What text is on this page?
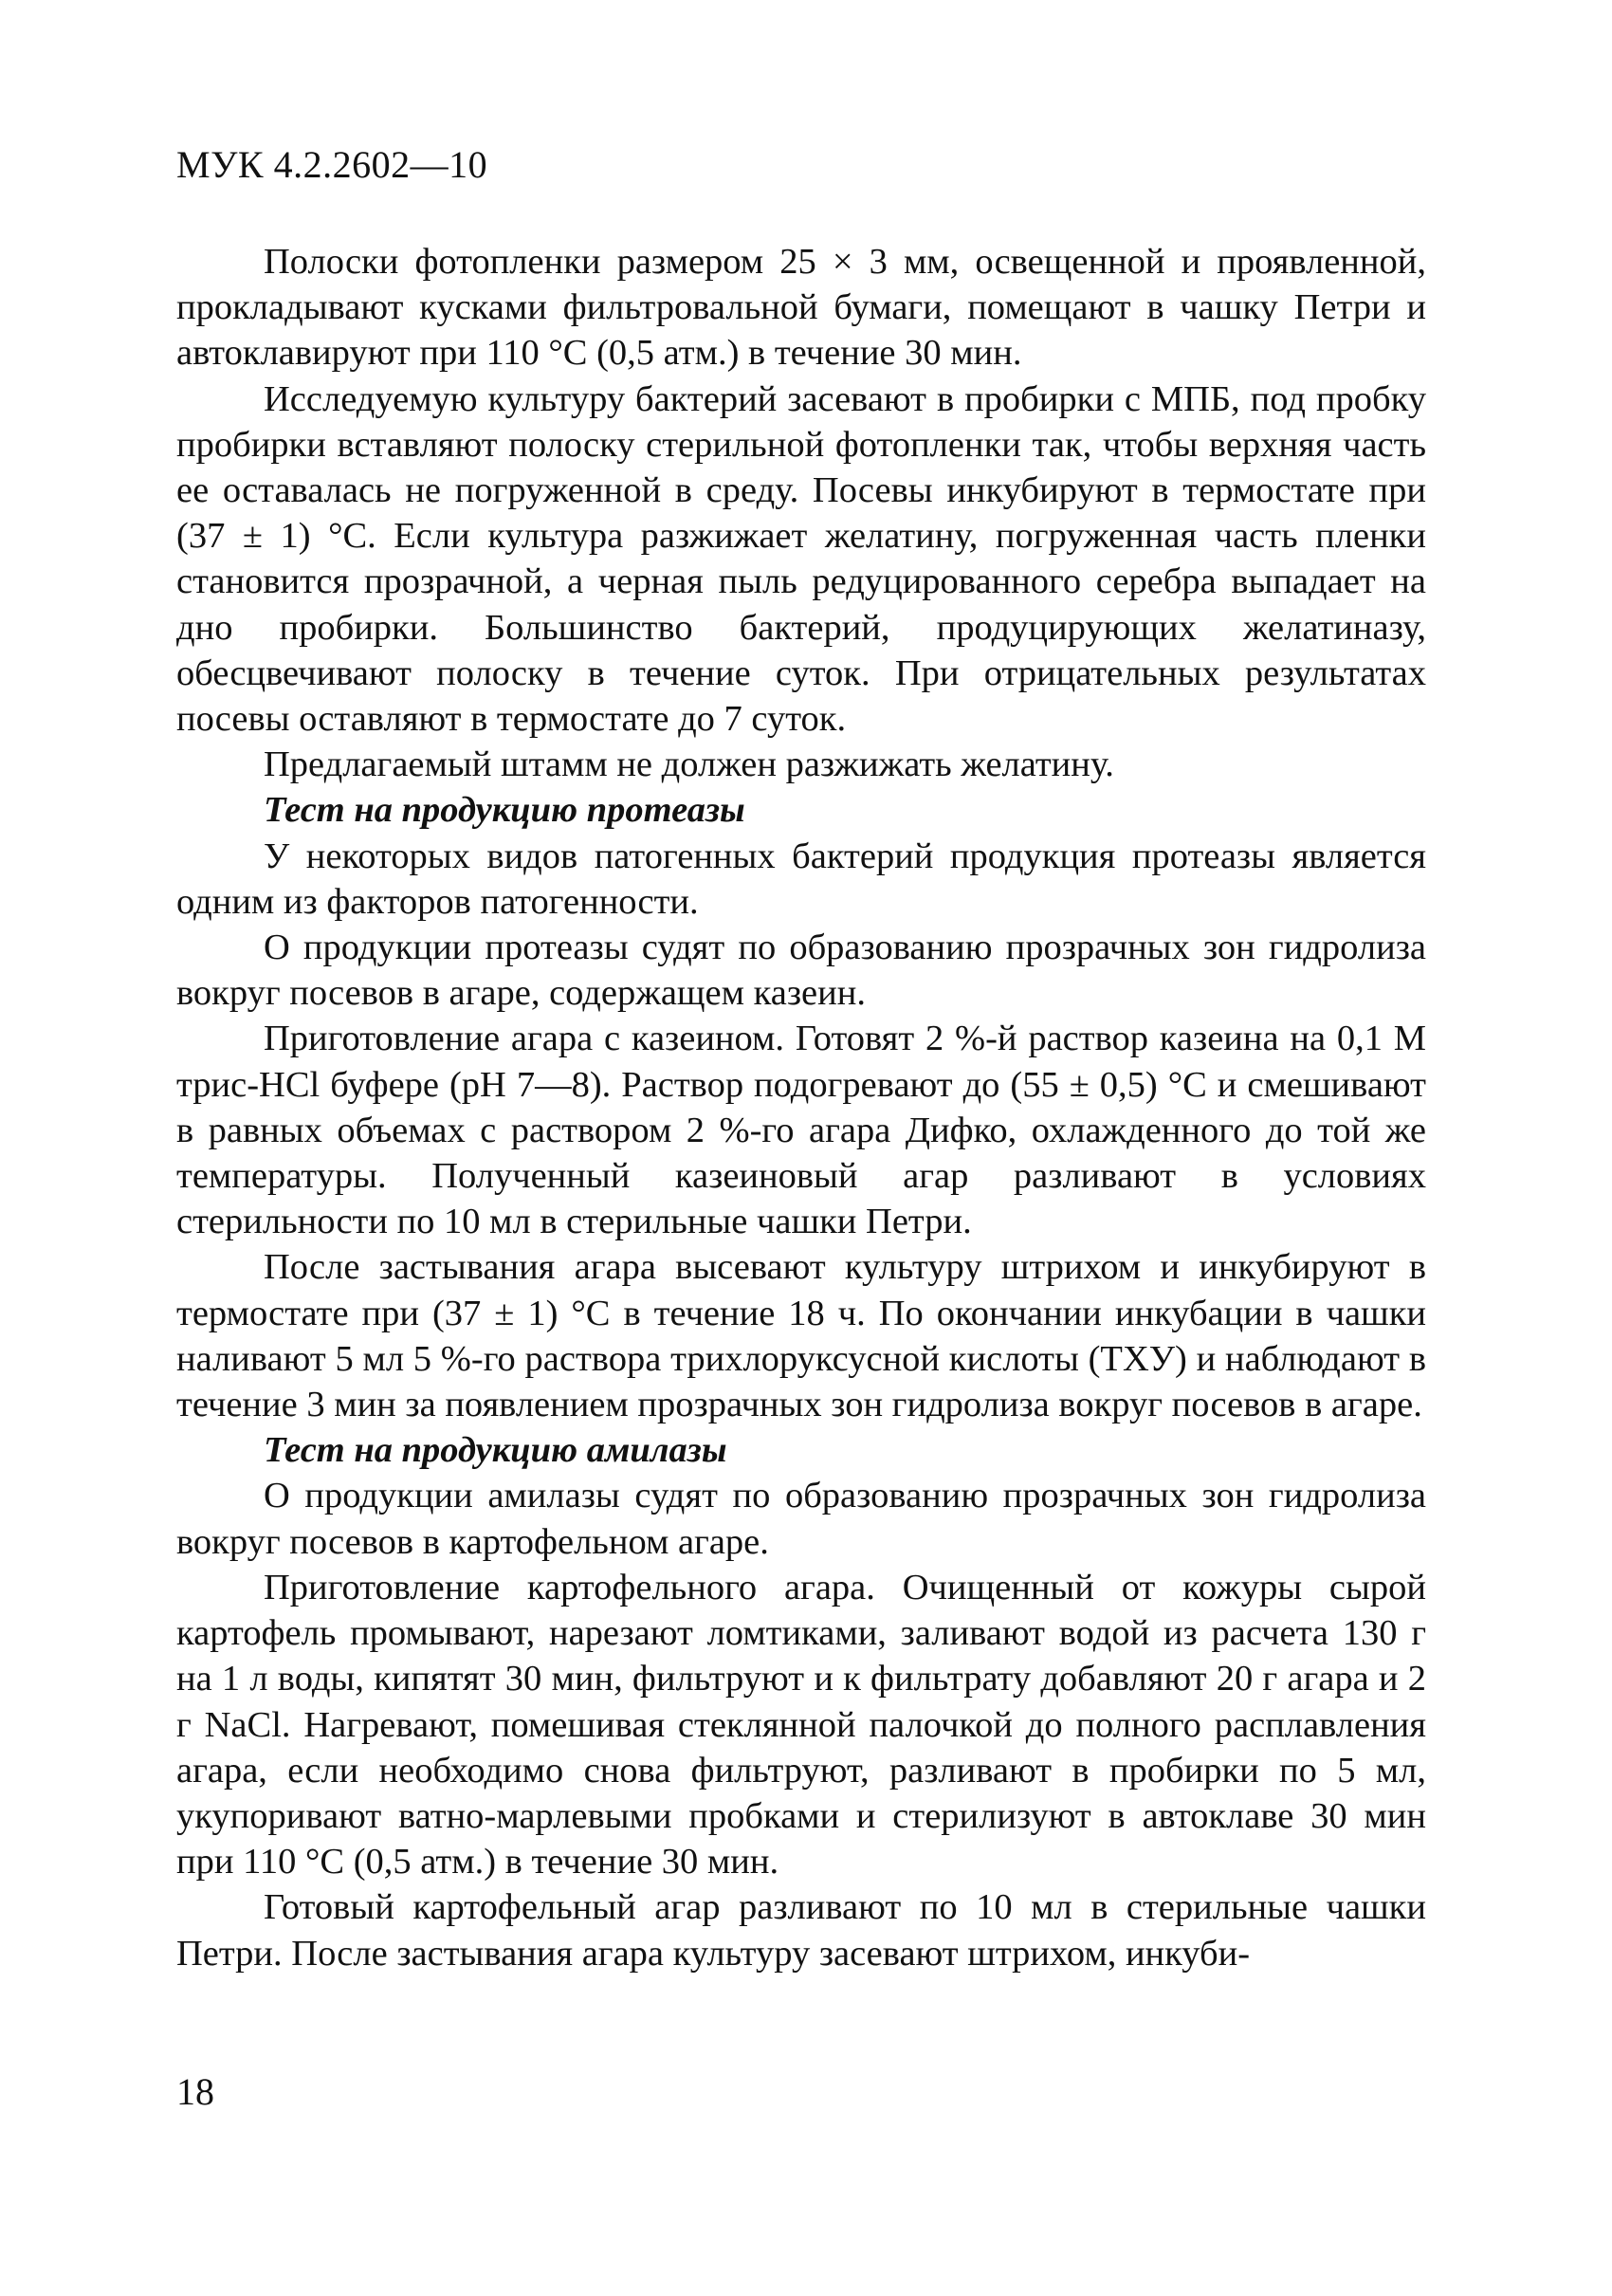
МУК 4.2.2602—10

Полоски фотопленки размером 25 × 3 мм, освещенной и проявленной, прокладывают кусками фильтровальной бумаги, помещают в чашку Петри и автоклавируют при 110 °С (0,5 атм.) в течение 30 мин.

Исследуемую культуру бактерий засевают в пробирки с МПБ, под пробку пробирки вставляют полоску стерильной фотопленки так, чтобы верхняя часть ее оставалась не погруженной в среду. Посевы инкубируют в термостате при (37 ± 1) °С. Если культура разжижает желатину, погруженная часть пленки становится прозрачной, а черная пыль редуцированного серебра выпадает на дно пробирки. Большинство бактерий, продуцирующих желатиназу, обесцвечивают полоску в течение суток. При отрицательных результатах посевы оставляют в термостате до 7 суток.

Предлагаемый штамм не должен разжижать желатину.

Тест на продукцию протеазы

У некоторых видов патогенных бактерий продукция протеазы является одним из факторов патогенности.

О продукции протеазы судят по образованию прозрачных зон гидролиза вокруг посевов в агаре, содержащем казеин.

Приготовление агара с казеином. Готовят 2 %-й раствор казеина на 0,1 М трис-HCl буфере (рН 7—8). Раствор подогревают до (55 ± 0,5) °С и смешивают в равных объемах с раствором 2 %-го агара Дифко, охлажденного до той же температуры. Полученный казеиновый агар разливают в условиях стерильности по 10 мл в стерильные чашки Петри.

После застывания агара высевают культуру штрихом и инкубируют в термостате при (37 ± 1) °С в течение 18 ч. По окончании инкубации в чашки наливают 5 мл 5 %-го раствора трихлоруксусной кислоты (ТХУ) и наблюдают в течение 3 мин за появлением прозрачных зон гидролиза вокруг посевов в агаре.

Тест на продукцию амилазы

О продукции амилазы судят по образованию прозрачных зон гидролиза вокруг посевов в картофельном агаре.

Приготовление картофельного агара. Очищенный от кожуры сырой картофель промывают, нарезают ломтиками, заливают водой из расчета 130 г на 1 л воды, кипятят 30 мин, фильтруют и к фильтрату добавляют 20 г агара и 2 г NaCl. Нагревают, помешивая стеклянной палочкой до полного расплавления агара, если необходимо снова фильтруют, разливают в пробирки по 5 мл, укупоривают ватно-марлевыми пробками и стерилизуют в автоклаве 30 мин при 110 °С (0,5 атм.) в течение 30 мин.

Готовый картофельный агар разливают по 10 мл в стерильные чашки Петри. После застывания агара культуру засевают штрихом, инкуби-

18
